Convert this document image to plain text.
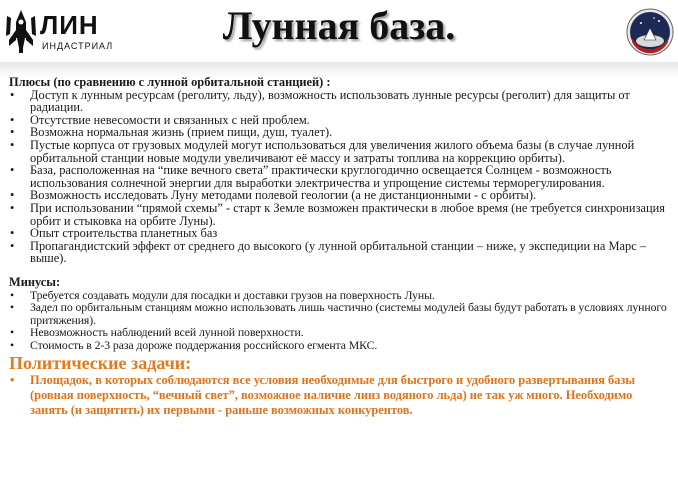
ЛИН
ИНДАСТРИАЛ	Лунная база.
Плюсы (по сравнению с лунной орбитальной станцией) :
• Доступ к лунным ресурсам (реголиту, льду), возможность использовать лунные ресурсы (реголит) для защиты от радиации.
• Отсутствие невесомости и связанных с ней проблем.
• Возможна нормальная жизнь (прием пищи, душ, туалет).
• Пустые корпуса от грузовых модулей могут использоваться для увеличения жилого объема базы (в случае лунной орбитальной станции новые модули увеличивают её массу и затраты топлива на коррекцию орбиты).
• База, расположенная на “пике вечного света” практически круглогодично освещается Солнцем - возможность использования солнечной энергии для выработки электричества и упрощение системы терморегулирования.
• Возможность исследовать Луну методами полевой геологии (а не дистанционными - с орбиты).
• При использовании “прямой схемы” - старт к Земле возможен практически в любое время (не требуется синхронизация орбит и стыковка на орбите Луны).
• Опыт строительства планетных баз
• Пропагандистский эффект от среднего до высокого (у лунной орбитальной станции – ниже, у экспедиции на Марс – выше).
Минусы:
• Требуется создавать модули для посадки и доставки грузов на поверхность Луны.
• Задел по орбитальным станциям можно использовать лишь частично (системы модулей базы будут работать в условиях лунного притяжения).
• Невозможность наблюдений всей лунной поверхности.
• Стоимость в 2-3 раза дороже поддержания российского егмента МКС.
Политические задачи:
• Площадок, в которых соблюдаются все условия необходимые для быстрого и удобного развертывания базы (ровная поверхность, “вечный свет”, возможное наличие линз водяного льда) не так уж много. Необходимо занять (и защитить) их первыми - раньше возможных конкурентов.
